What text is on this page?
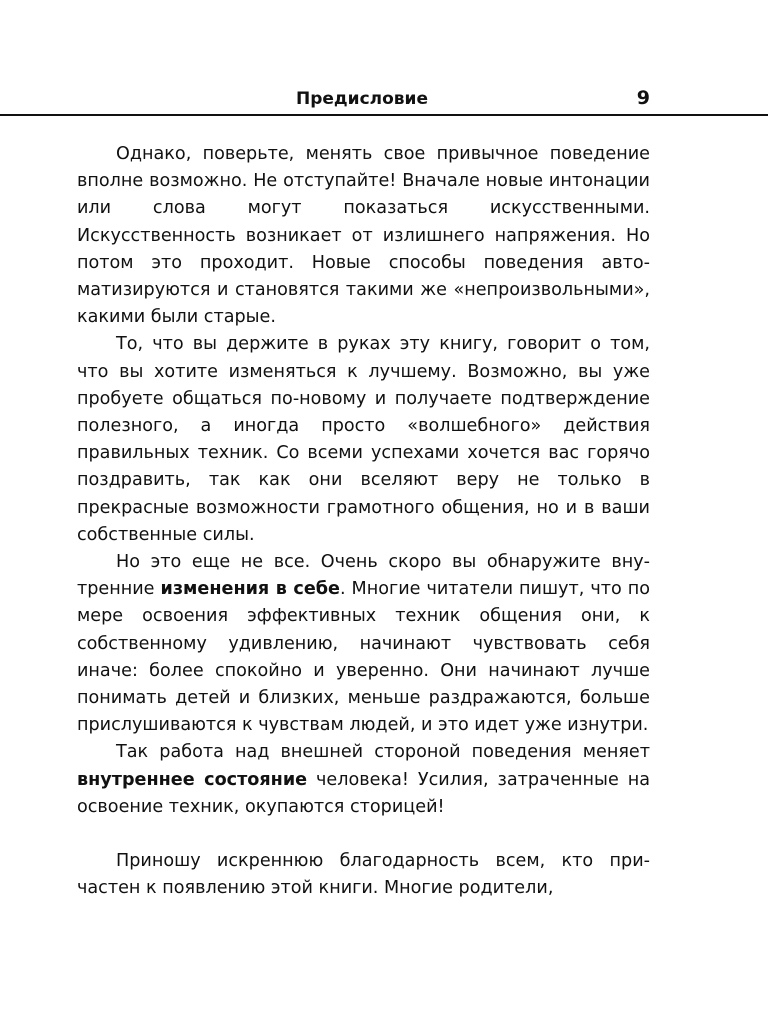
Предисловие	9

Однако, поверьте, менять свое привычное поведение вполне возможно. Не отступайте! Вначале новые интонации или слова могут показаться искусственными. Искусственность возникает от излишнего напряжения. Но потом это проходит. Новые способы поведения автоматизируются и становятся такими же «непроизвольными», какими были старые.

То, что вы держите в руках эту книгу, говорит о том, что вы хотите изменяться к лучшему. Возможно, вы уже пробуете общаться по-новому и получаете подтверждение полезного, а иногда просто «волшебного» действия правильных техник. Со всеми успехами хочется вас горячо поздравить, так как они вселяют веру не только в прекрасные возможности грамотного общения, но и в ваши собственные силы.

Но это еще не все. Очень скоро вы обнаружите внутренние изменения в себе. Многие читатели пишут, что по мере освоения эффективных техник общения они, к собственному удивлению, начинают чувствовать себя иначе: более спокойно и уверенно. Они начинают лучше понимать детей и близких, меньше раздражаются, больше прислушиваются к чувствам людей, и это идет уже изнутри.

Так работа над внешней стороной поведения меняет внутреннее состояние человека! Усилия, затраченные на освоение техник, окупаются сторицей!

Приношу искреннюю благодарность всем, кто причастен к появлению этой книги. Многие родители,
